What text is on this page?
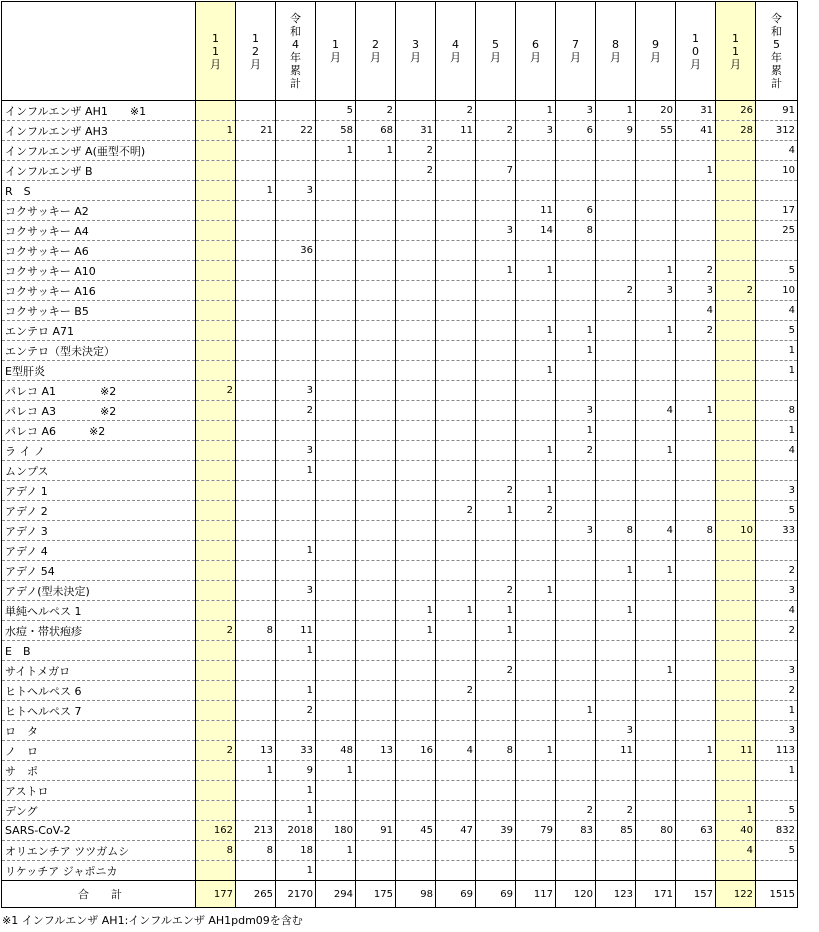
	11月	12月	令和4年累計	1月	2月	3月	4月	5月	6月	7月	8月	9月	10月	11月	令和5年累計
インフルエンザ AH1　　※1				5	2		2		1	3	1	20	31	26	91
インフルエンザ AH3	1	21	22	58	68	31	11	2	3	6	9	55	41	28	312
インフルエンザ A(亜型不明)				1	1	2									4
インフルエンザ B						2		7					1		10
R　S		1	3												
コクサッキー A2									11	6					17
コクサッキー A4								3	14	8					25
コクサッキー A6			36												
コクサッキー A10								1	1			1	2		5
コクサッキー A16											2	3	3	2	10
コクサッキー B5													4		4
エンテロ A71									1	1		1	2		5
エンテロ（型未決定）										1					1
E型肝炎									1						1
パレコ A1　　　　※2	2		3												
パレコ A3　　　　※2			2							3		4	1		8
パレコ A6　　　※2										1					1
ラ イ ノ			3						1	2		1			4
ムンプス			1												
アデノ 1								2	1						3
アデノ 2							2	1	2						5
アデノ 3										3	8	4	8	10	33
アデノ 4			1												
アデノ 54											1	1			2
アデノ(型未決定)			3					2	1						3
単純ヘルペス 1						1	1	1			1				4
水痘・帯状疱疹	2	8	11			1		1							2
E　B			1												
サイトメガロ								2				1			3
ヒトヘルペス 6			1				2								2
ヒトヘルペス 7			2							1					1
ロ　タ											3				3
ノ　ロ	2	13	33	48	13	16	4	8	1		11		1	11	113
サ　ポ		1	9	1											1
アストロ			1												
デング			1							2	2			1	5
SARS-CoV-2	162	213	2018	180	91	45	47	39	79	83	85	80	63	40	832
オリエンチア ツツガムシ	8	8	18	1										4	5
リケッチア ジャポニカ			1												
合　　計	177	265	2170	294	175	98	69	69	117	120	123	171	157	122	1515
※1 インフルエンザ AH1:インフルエンザ AH1pdm09を含む
